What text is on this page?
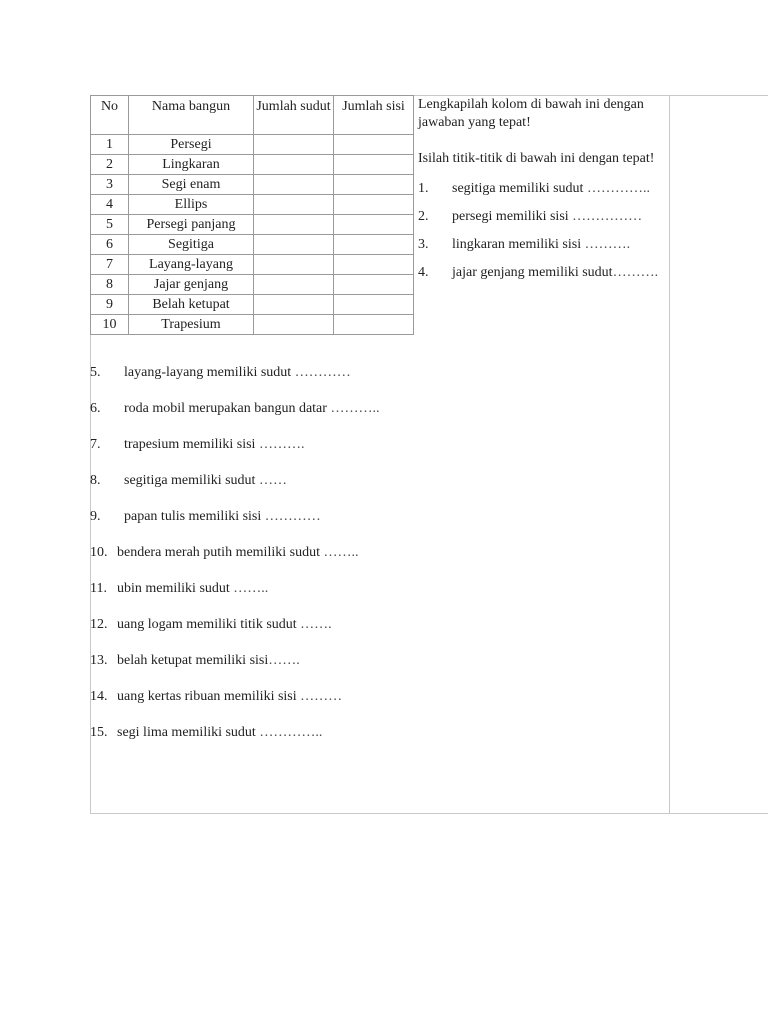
No	Nama bangun	Jumlah sudut	Jumlah sisi
1	Persegi		
2	Lingkaran		
3	Segi enam		
4	Ellips		
5	Persegi panjang		
6	Segitiga		
7	Layang-layang		
8	Jajar genjang		
9	Belah ketupat		
10	Trapesium		

Lengkapilah kolom di bawah ini dengan jawaban yang tepat!

Isilah titik-titik di bawah ini dengan tepat!

1. segitiga memiliki sudut …………..
2. persegi memiliki sisi ……………
3. lingkaran memiliki sisi ……….
4. jajar genjang memiliki sudut……….
5. layang-layang memiliki sudut …………
6. roda mobil merupakan bangun datar ………..
7. trapesium memiliki sisi ……….
8. segitiga memiliki sudut ……
9. papan tulis memiliki sisi …………
10. bendera merah putih memiliki sudut ……..
11. ubin memiliki sudut ……..
12. uang logam memiliki titik sudut …….
13. belah ketupat memiliki sisi…….
14. uang kertas ribuan memiliki sisi ………
15. segi lima memiliki sudut …………..
